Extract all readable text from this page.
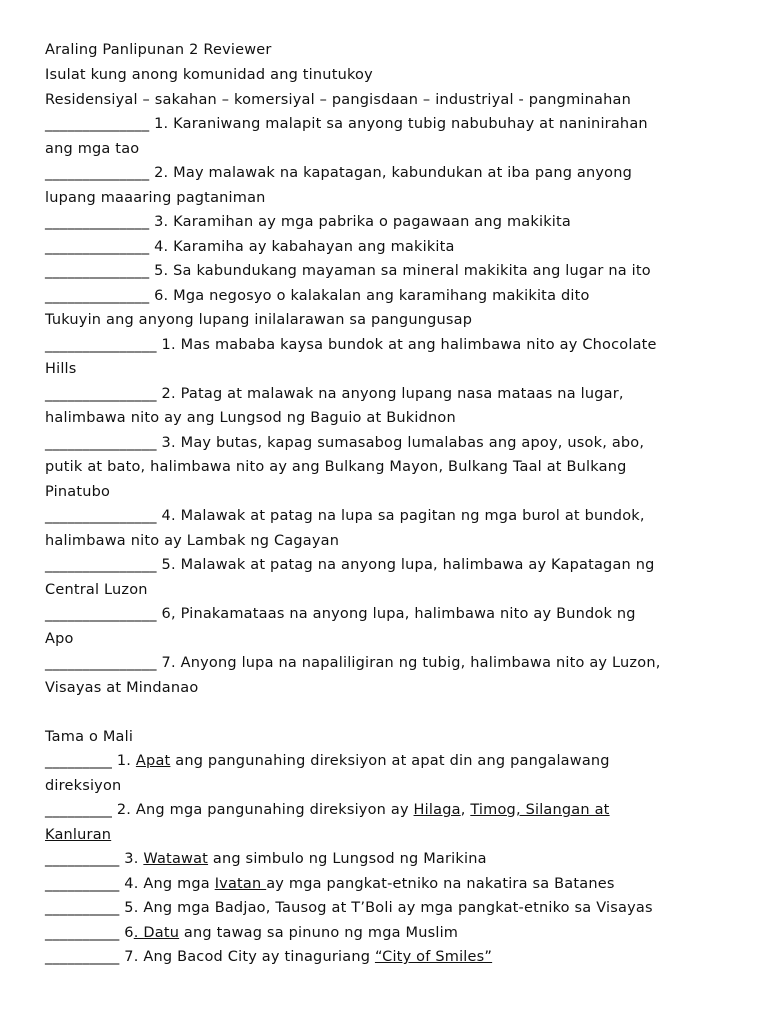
Araling Panlipunan 2 Reviewer
Isulat kung anong komunidad ang tinutukoy
Residensiyal – sakahan – komersiyal – pangisdaan – industriyal - pangminahan
______________ 1. Karaniwang malapit sa anyong tubig nabubuhay at naninirahan
ang mga tao
______________ 2. May malawak na kapatagan, kabundukan at iba pang anyong
lupang maaaring pagtaniman
______________ 3. Karamihan ay mga pabrika o pagawaan ang makikita
______________ 4. Karamiha ay kabahayan ang makikita
______________ 5. Sa kabundukang mayaman sa mineral makikita ang lugar na ito
______________ 6. Mga negosyo o kalakalan ang karamihang makikita dito
Tukuyin ang anyong lupang inilalarawan sa pangungusap
_______________ 1. Mas mababa kaysa bundok at ang halimbawa nito ay Chocolate
Hills
_______________ 2. Patag at malawak na anyong lupang nasa mataas na lugar,
halimbawa nito ay ang Lungsod ng Baguio at Bukidnon
_______________ 3. May butas, kapag sumasabog lumalabas ang apoy, usok, abo,
putik at bato, halimbawa nito ay ang Bulkang Mayon, Bulkang Taal at Bulkang
Pinatubo
_______________ 4. Malawak at patag na lupa sa pagitan ng mga burol at bundok,
halimbawa nito ay Lambak ng Cagayan
_______________ 5. Malawak at patag na anyong lupa, halimbawa ay Kapatagan ng
Central Luzon
_______________ 6, Pinakamataas na anyong lupa, halimbawa nito ay Bundok ng
Apo
_______________ 7. Anyong lupa na napaliligiran ng tubig, halimbawa nito ay Luzon,
Visayas at Mindanao
Tama o Mali
_________ 1. Apat ang pangunahing direksiyon at apat din ang pangalawang
direksiyon
_________ 2. Ang mga pangunahing direksiyon ay Hilaga, Timog, Silangan at
Kanluran
__________ 3. Watawat ang simbulo ng Lungsod ng Marikina
__________ 4. Ang mga Ivatan ay mga pangkat-etniko na nakatira sa Batanes
__________ 5. Ang mga Badjao, Tausog at T’Boli ay mga pangkat-etniko sa Visayas
__________ 6. Datu ang tawag sa pinuno ng mga Muslim
__________ 7. Ang Bacod City ay tinaguriang “City of Smiles”
